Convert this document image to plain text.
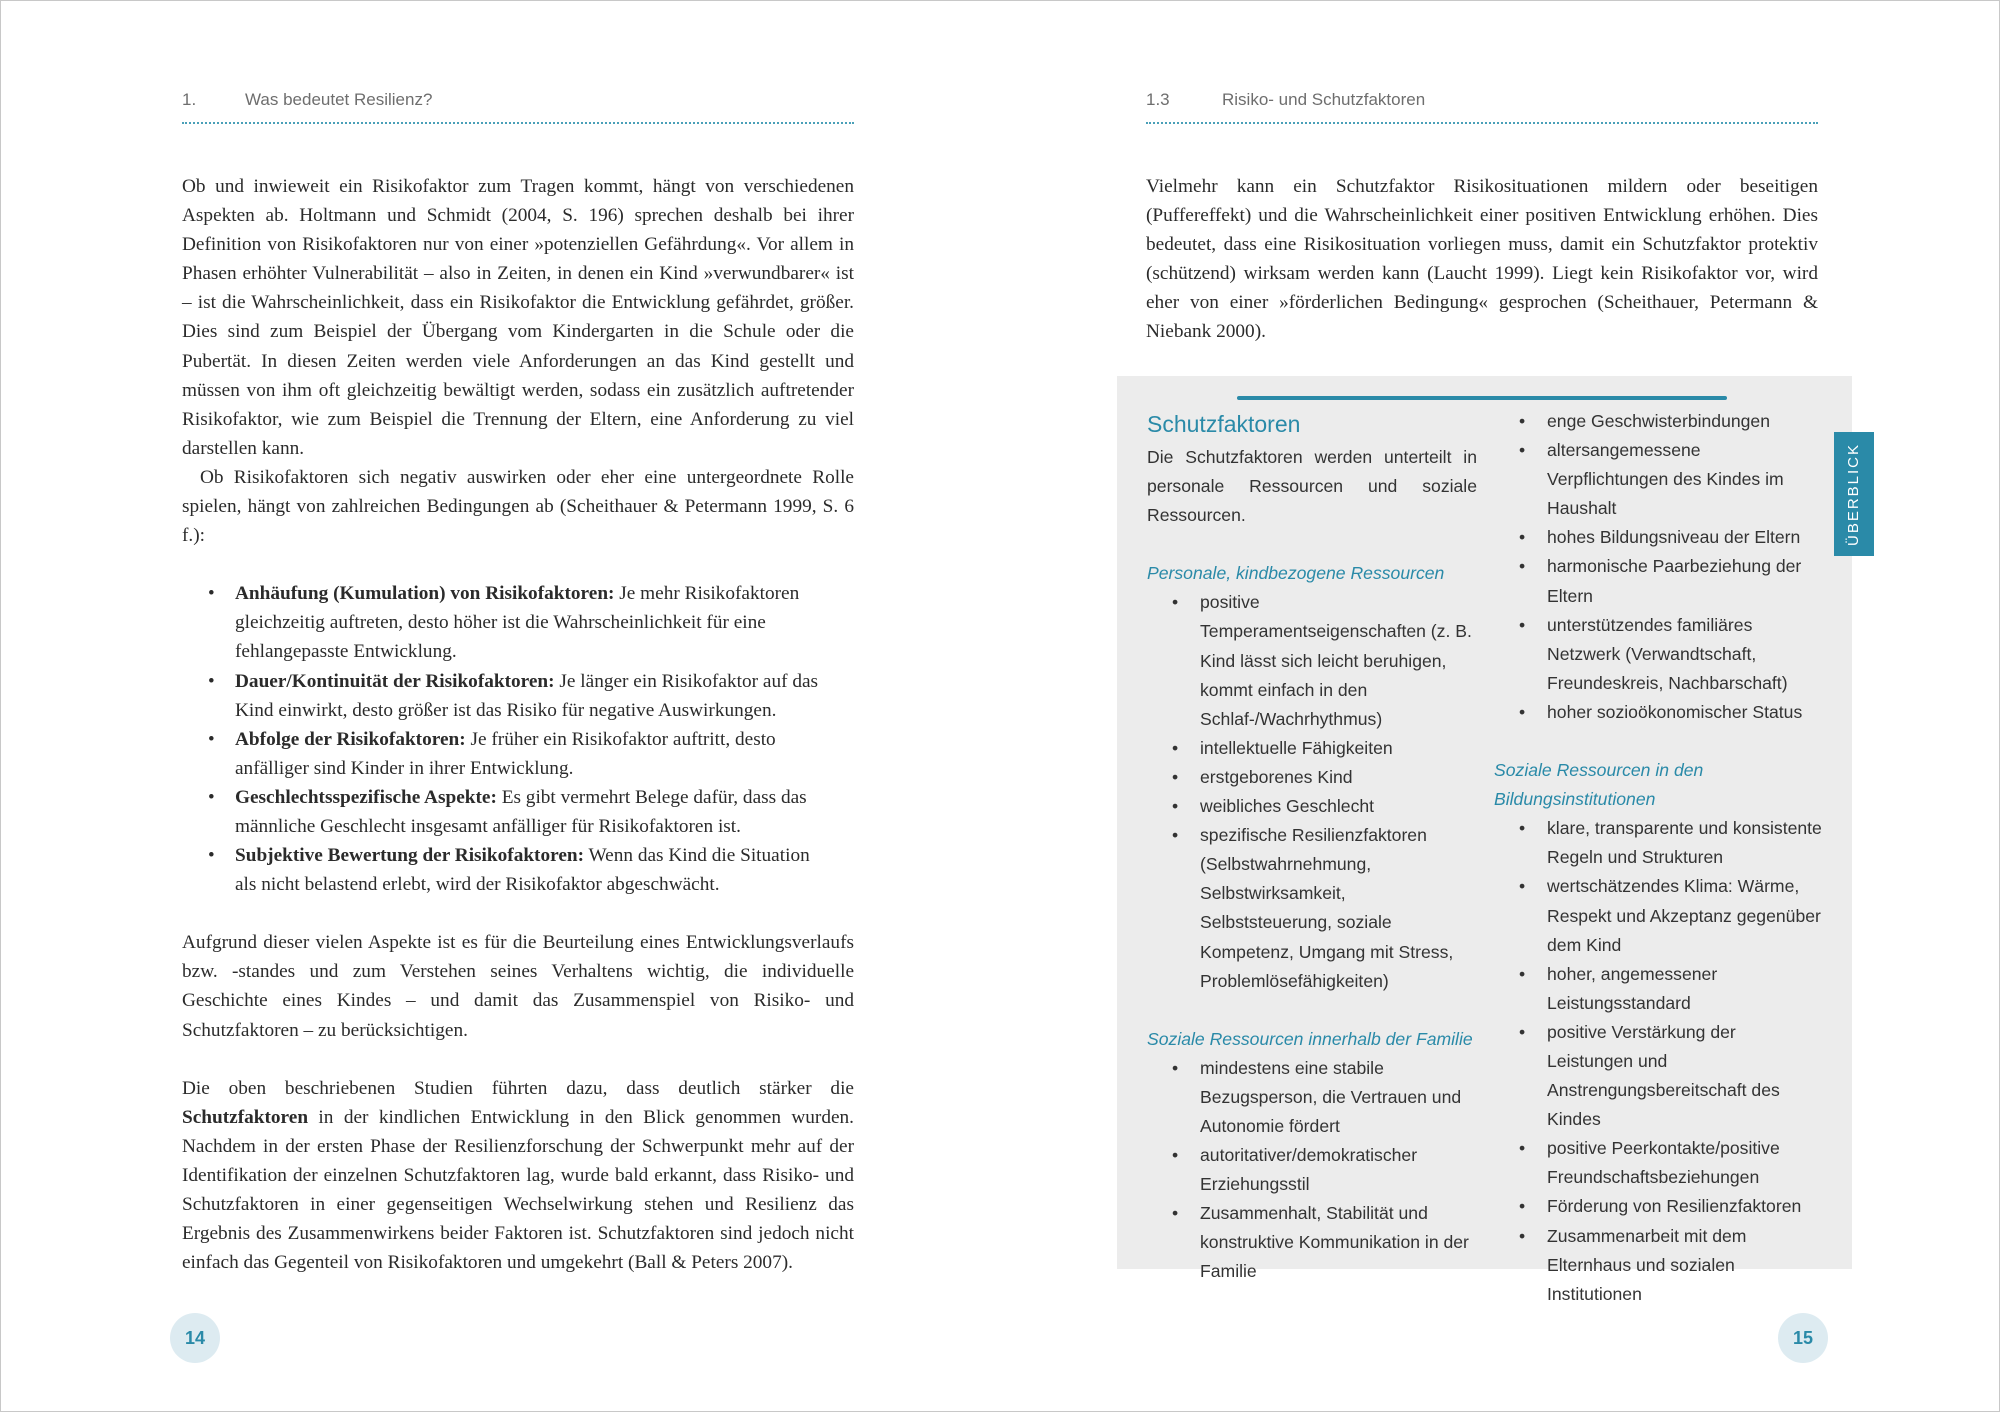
1.	Was bedeutet Resilienz?

Ob und inwieweit ein Risikofaktor zum Tragen kommt, hängt von verschiedenen Aspekten ab. Holtmann und Schmidt (2004, S. 196) sprechen deshalb bei ihrer Definition von Risikofaktoren nur von einer »potenziellen Gefährdung«. Vor allem in Phasen erhöhter Vulnerabilität – also in Zeiten, in denen ein Kind »verwundbarer« ist – ist die Wahrscheinlichkeit, dass ein Risikofaktor die Entwicklung gefährdet, größer. Dies sind zum Beispiel der Übergang vom Kindergarten in die Schule oder die Pubertät. In diesen Zeiten werden viele Anforderungen an das Kind gestellt und müssen von ihm oft gleichzeitig bewältigt werden, sodass ein zusätzlich auftretender Risikofaktor, wie zum Beispiel die Trennung der Eltern, eine Anforderung zu viel darstellen kann.

Ob Risikofaktoren sich negativ auswirken oder eher eine untergeordnete Rolle spielen, hängt von zahlreichen Bedingungen ab (Scheithauer & Petermann 1999, S. 6 f.):

• Anhäufung (Kumulation) von Risikofaktoren: Je mehr Risikofaktoren gleichzeitig auftreten, desto höher ist die Wahrscheinlichkeit für eine fehlangepasste Entwicklung.
• Dauer/Kontinuität der Risikofaktoren: Je länger ein Risikofaktor auf das Kind einwirkt, desto größer ist das Risiko für negative Auswirkungen.
• Abfolge der Risikofaktoren: Je früher ein Risikofaktor auftritt, desto anfälliger sind Kinder in ihrer Entwicklung.
• Geschlechtsspezifische Aspekte: Es gibt vermehrt Belege dafür, dass das männliche Geschlecht insgesamt anfälliger für Risikofaktoren ist.
• Subjektive Bewertung der Risikofaktoren: Wenn das Kind die Situation als nicht belastend erlebt, wird der Risikofaktor abgeschwächt.

Aufgrund dieser vielen Aspekte ist es für die Beurteilung eines Entwicklungsverlaufs bzw. -standes und zum Verstehen seines Verhaltens wichtig, die individuelle Geschichte eines Kindes – und damit das Zusammenspiel von Risiko- und Schutzfaktoren – zu berücksichtigen.

Die oben beschriebenen Studien führten dazu, dass deutlich stärker die Schutzfaktoren in der kindlichen Entwicklung in den Blick genommen wurden. Nachdem in der ersten Phase der Resilienzforschung der Schwerpunkt mehr auf der Identifikation der einzelnen Schutzfaktoren lag, wurde bald erkannt, dass Risiko- und Schutzfaktoren in einer gegenseitigen Wechselwirkung stehen und Resilienz das Ergebnis des Zusammenwirkens beider Faktoren ist. Schutzfaktoren sind jedoch nicht einfach das Gegenteil von Risikofaktoren und umgekehrt (Ball & Peters 2007).

14
1.3	Risiko- und Schutzfaktoren

Vielmehr kann ein Schutzfaktor Risikosituationen mildern oder beseitigen (Puffereffekt) und die Wahrscheinlichkeit einer positiven Entwicklung erhöhen. Dies bedeutet, dass eine Risikosituation vorliegen muss, damit ein Schutzfaktor protektiv (schützend) wirksam werden kann (Laucht 1999). Liegt kein Risikofaktor vor, wird eher von einer »förderlichen Bedingung« gesprochen (Scheithauer, Petermann & Niebank 2000).

Schutzfaktoren

Die Schutzfaktoren werden unterteilt in personale Ressourcen und soziale Ressourcen.

Personale, kindbezogene Ressourcen

• positive Temperamentseigenschaften (z. B. Kind lässt sich leicht beruhigen, kommt einfach in den Schlaf-/Wachrhythmus)
• intellektuelle Fähigkeiten
• erstgeborenes Kind
• weibliches Geschlecht
• spezifische Resilienzfaktoren (Selbstwahrnehmung, Selbstwirksamkeit, Selbststeuerung, soziale Kompetenz, Umgang mit Stress, Problemlösefähigkeiten)

Soziale Ressourcen innerhalb der Familie

• mindestens eine stabile Bezugsperson, die Vertrauen und Autonomie fördert
• autoritativer/demokratischer Erziehungsstil
• Zusammenhalt, Stabilität und konstruktive Kommunikation in der Familie
• enge Geschwisterbindungen
• altersangemessene Verpflichtungen des Kindes im Haushalt
• hohes Bildungsniveau der Eltern
• harmonische Paarbeziehung der Eltern
• unterstützendes familiäres Netzwerk (Verwandtschaft, Freundeskreis, Nachbarschaft)
• hoher sozioökonomischer Status

Soziale Ressourcen in den Bildungsinstitutionen

• klare, transparente und konsistente Regeln und Strukturen
• wertschätzendes Klima: Wärme, Respekt und Akzeptanz gegenüber dem Kind
• hoher, angemessener Leistungsstandard
• positive Verstärkung der Leistungen und Anstrengungsbereitschaft des Kindes
• positive Peerkontakte/positive Freundschaftsbeziehungen
• Förderung von Resilienzfaktoren
• Zusammenarbeit mit dem Elternhaus und sozialen Institutionen
ÜBERBLICK
15
